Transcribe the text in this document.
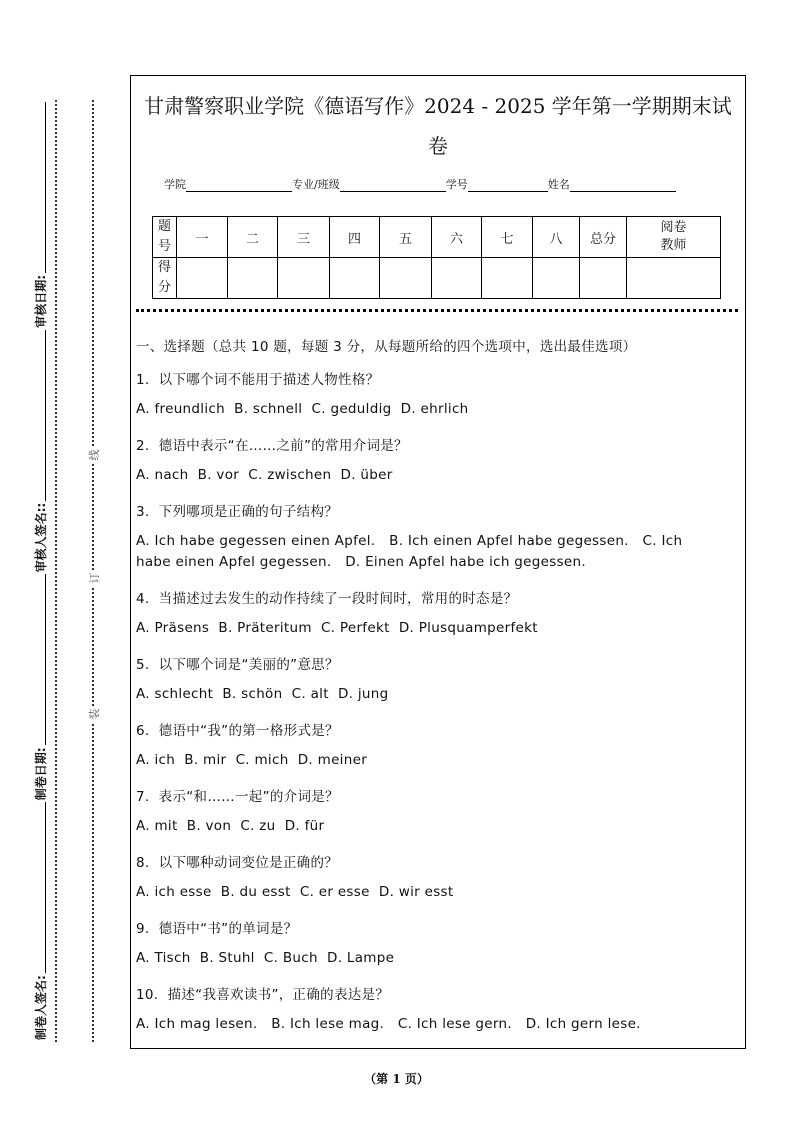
制卷人签名:
制卷日期:
审核人签名::
审核日期:
装
订
线
甘肃警察职业学院《德语写作》2024 - 2025 学年第一学期期末试
卷
学院	专业/班级	学号	姓名
题号	一	二	三	四	五	六	七	八	总分	阅卷教师
得分										
一、选择题（总共 10 题，每题 3 分，从每题所给的四个选项中，选出最佳选项）
1.  以下哪个词不能用于描述人物性格？
A. freundlich  B. schnell  C. geduldig  D. ehrlich
2.  德语中表示“在……之前”的常用介词是？
A. nach  B. vor  C. zwischen  D. über
3.  下列哪项是正确的句子结构？
A. Ich habe gegessen einen Apfel.   B. Ich einen Apfel habe gegessen.   C. Ich
habe einen Apfel gegessen.   D. Einen Apfel habe ich gegessen.
4.  当描述过去发生的动作持续了一段时间时，常用的时态是？
A. Präsens  B. Präteritum  C. Perfekt  D. Plusquamperfekt
5.  以下哪个词是“美丽的”意思？
A. schlecht  B. schön  C. alt  D. jung
6.  德语中“我”的第一格形式是？
A. ich  B. mir  C. mich  D. meiner
7.  表示“和……一起”的介词是？
A. mit  B. von  C. zu  D. für
8.  以下哪种动词变位是正确的？
A. ich esse  B. du esst  C. er esse  D. wir esst
9.  德语中“书”的单词是？
A. Tisch  B. Stuhl  C. Buch  D. Lampe
10.  描述“我喜欢读书”，正确的表达是？
A. Ich mag lesen.   B. Ich lese mag.   C. Ich lese gern.   D. Ich gern lese.
（第 1 页）
